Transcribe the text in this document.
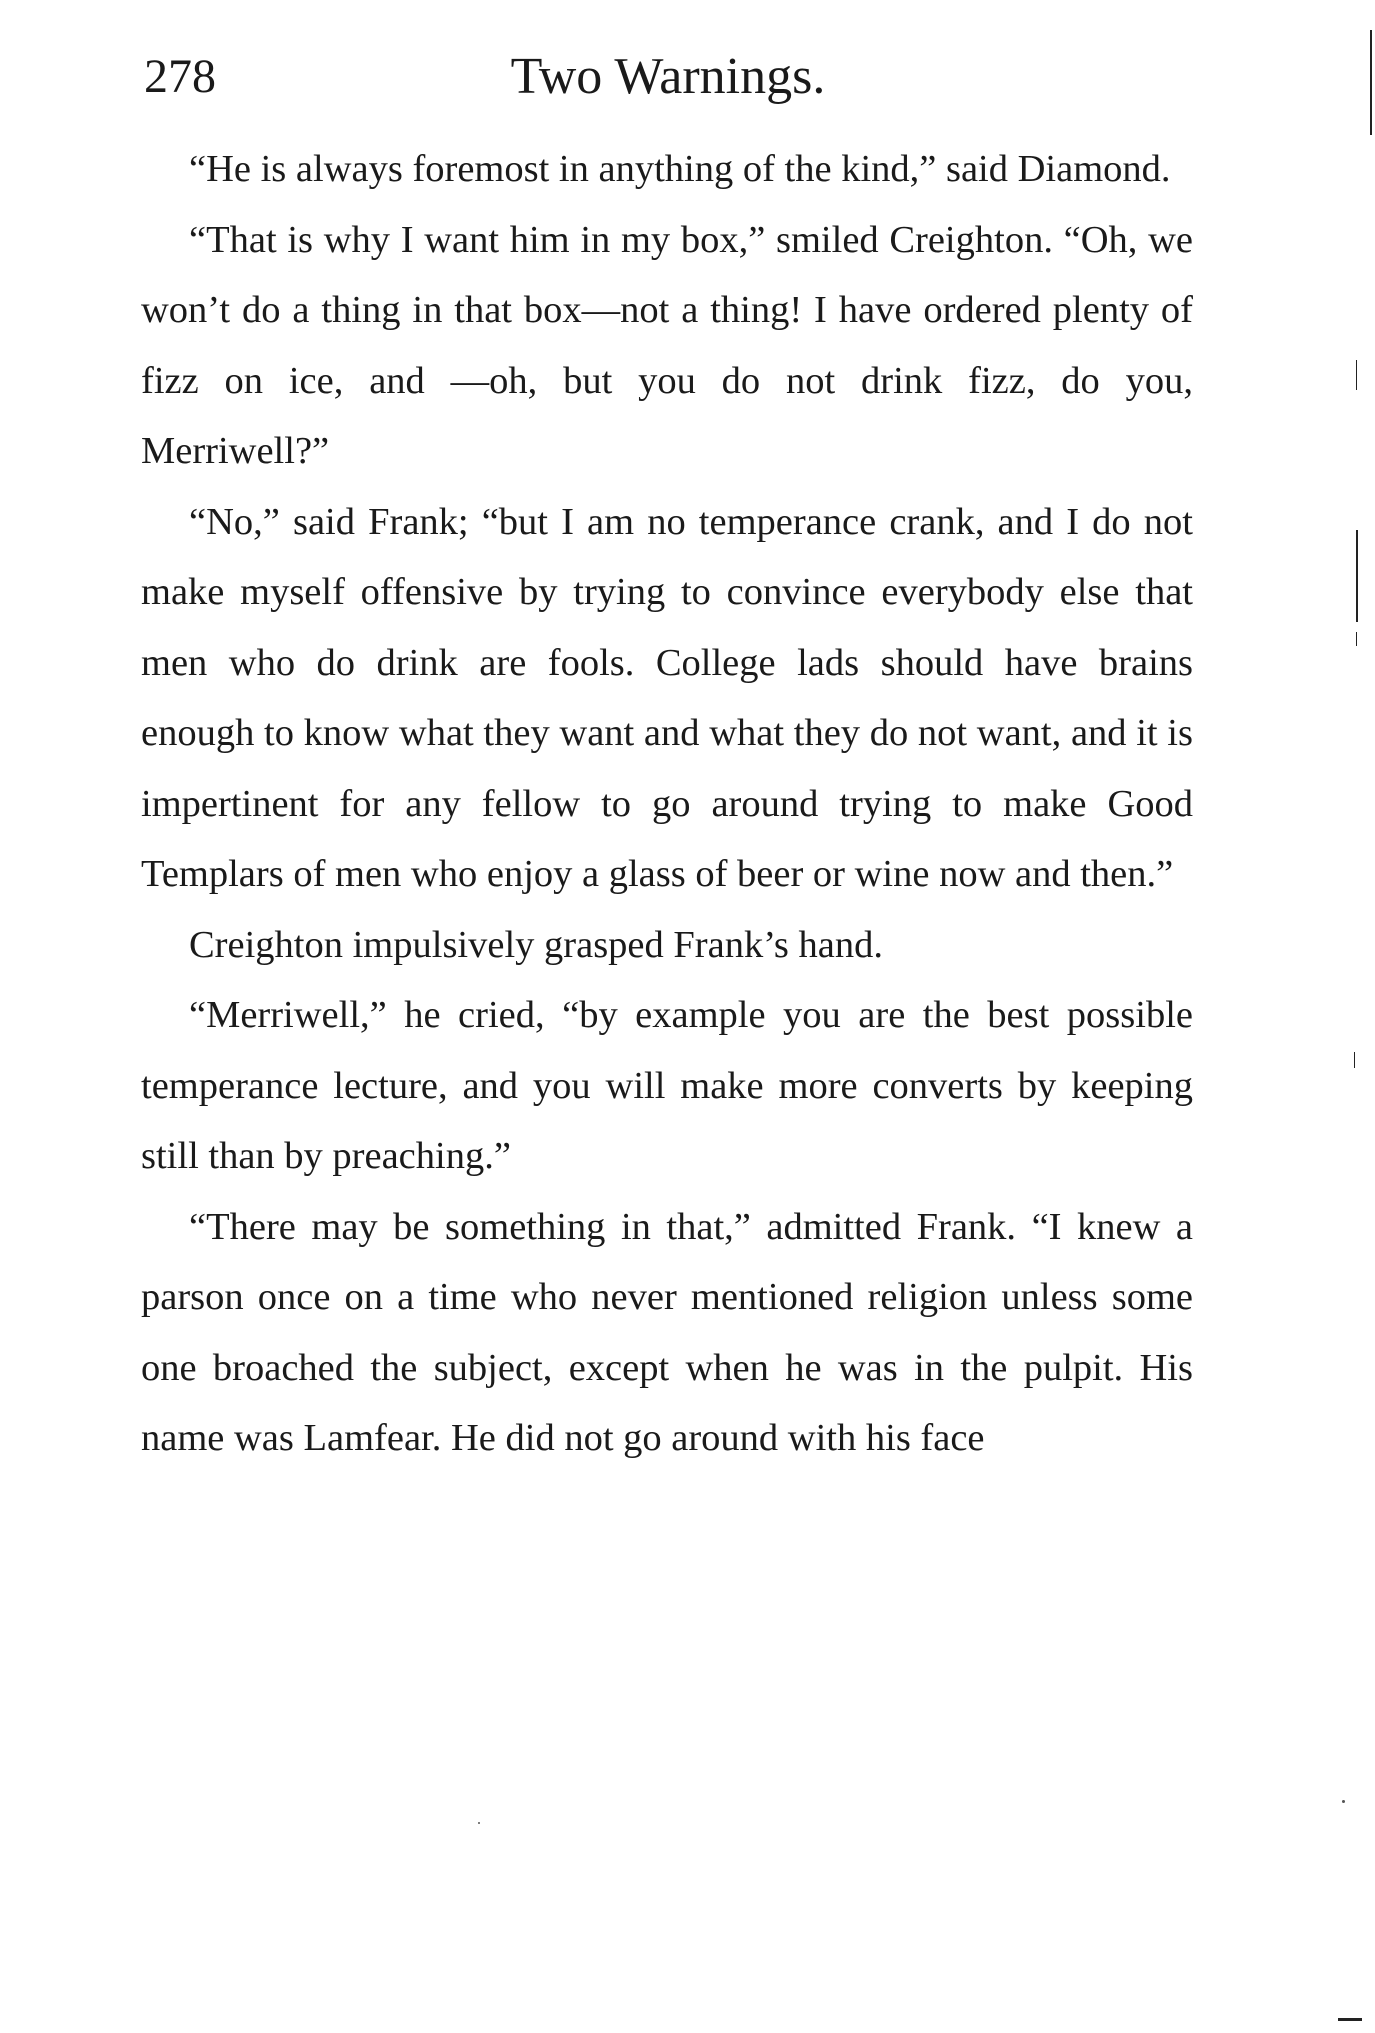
278	Two Warnings.

“He is always foremost in anything of the kind,” said Diamond.

“That is why I want him in my box,” smiled Creighton. “Oh, we won’t do a thing in that box—not a thing! I have ordered plenty of fizz on ice, and —oh, but you do not drink fizz, do you, Merriwell?”

“No,” said Frank; “but I am no temperance crank, and I do not make myself offensive by trying to convince everybody else that men who do drink are fools. College lads should have brains enough to know what they want and what they do not want, and it is impertinent for any fellow to go around trying to make Good Templars of men who enjoy a glass of beer or wine now and then.”

Creighton impulsively grasped Frank’s hand.

“Merriwell,” he cried, “by example you are the best possible temperance lecture, and you will make more converts by keeping still than by preaching.”

“There may be something in that,” admitted Frank. “I knew a parson once on a time who never mentioned religion unless some one broached the subject, except when he was in the pulpit. His name was Lamfear. He did not go around with his face
